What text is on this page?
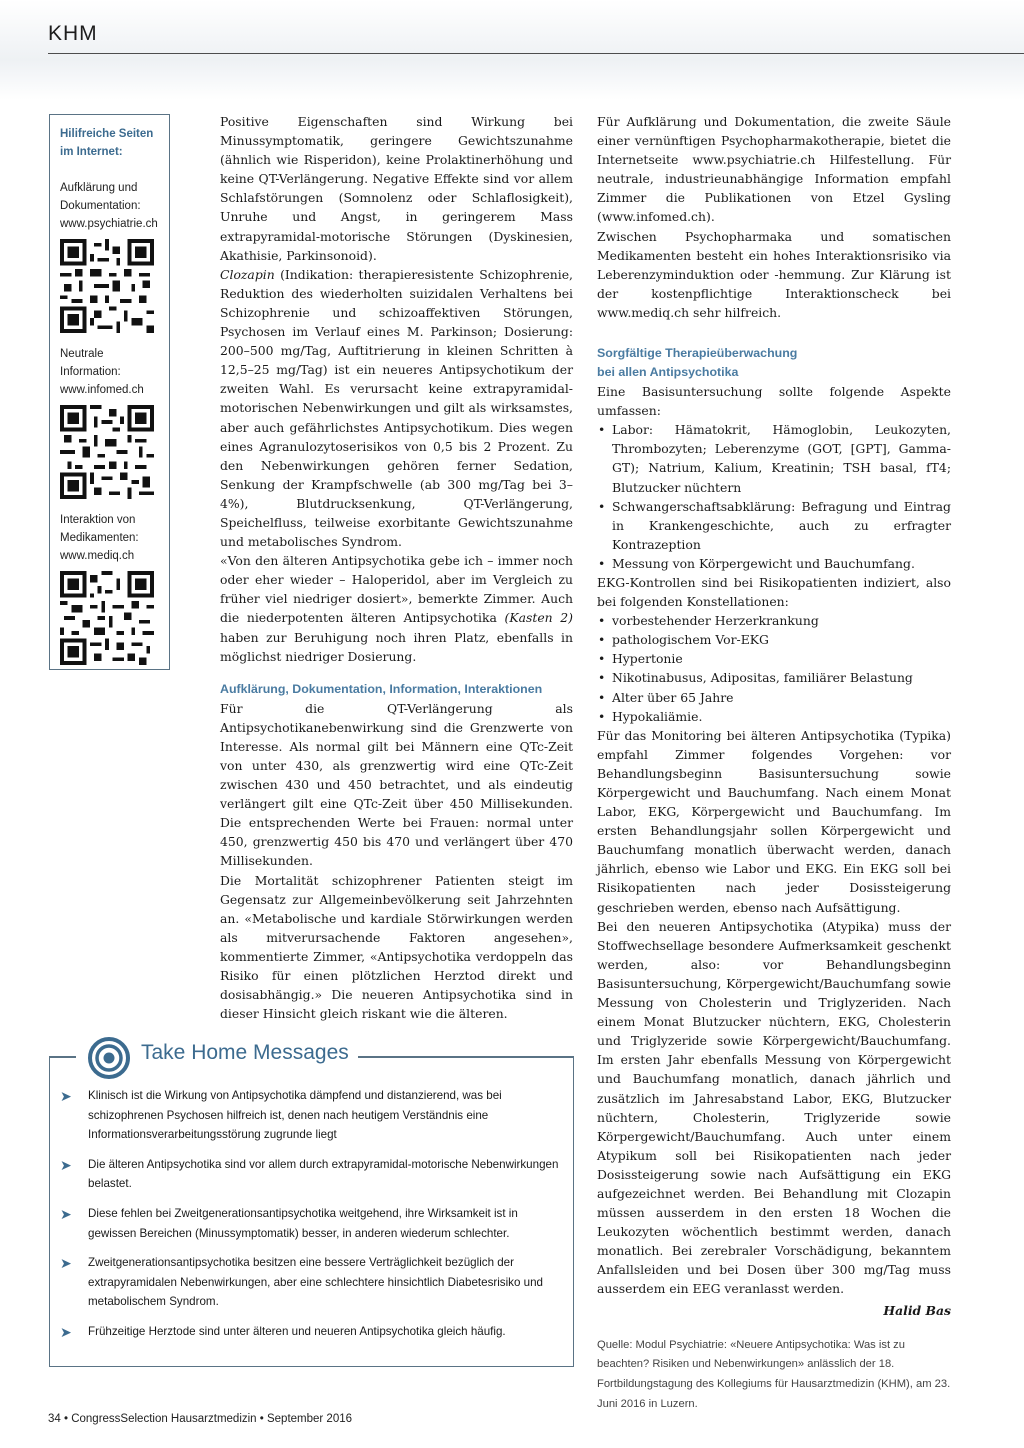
KHM
Hilifreiche Seiten im Internet:
Aufklärung und Dokumentation: www.psychiatrie.ch
Neutrale Information: www.infomed.ch
Interaktion von Medikamenten: www.mediq.ch

Positive Eigenschaften sind Wirkung bei Minussymptomatik, geringere Gewichtszunahme (ähnlich wie Risperidon), keine Prolaktinerhöhung und keine QT-Verlängerung. Negative Effekte sind vor allem Schlafstörungen (Somnolenz oder Schlaflosigkeit), Unruhe und Angst, in geringerem Mass extrapyramidal-motorische Störungen (Dyskinesien, Akathisie, Parkinsonoid).

Clozapin (Indikation: therapieresistente Schizophrenie, Reduktion des wiederholten suizidalen Verhaltens bei Schizophrenie und schizoaffektiven Störungen, Psychosen im Verlauf eines M. Parkinson; Dosierung: 200–500 mg/Tag, Auftitrierung in kleinen Schritten à 12,5–25 mg/Tag) ist ein neueres Antipsychotikum der zweiten Wahl. Es verursacht keine extrapyramidal-motorischen Nebenwirkungen und gilt als wirksamstes, aber auch gefährlichstes Antipsychotikum. Dies wegen eines Agranulozytoserisikos von 0,5 bis 2 Prozent. Zu den Nebenwirkungen gehören ferner Sedation, Senkung der Krampfschwelle (ab 300 mg/Tag bei 3–4%), Blutdrucksenkung, QT-Verlängerung, Speichelfluss, teilweise exorbitante Gewichtszunahme und metabolisches Syndrom.

«Von den älteren Antipsychotika gebe ich – immer noch oder eher wieder – Haloperidol, aber im Vergleich zu früher viel niedriger dosiert», bemerkte Zimmer. Auch die niederpotenten älteren Antipsychotika (Kasten 2) haben zur Beruhigung noch ihren Platz, ebenfalls in möglichst niedriger Dosierung.

Aufklärung, Dokumentation, Information, Interaktionen

Für die QT-Verlängerung als Antipsychotikanebenwirkung sind die Grenzwerte von Interesse. Als normal gilt bei Männern eine QTc-Zeit von unter 430, als grenzwertig wird eine QTc-Zeit zwischen 430 und 450 betrachtet, und als eindeutig verlängert gilt eine QTc-Zeit über 450 Millisekunden. Die entsprechenden Werte bei Frauen: normal unter 450, grenzwertig 450 bis 470 und verlängert über 470 Millisekunden.

Die Mortalität schizophrener Patienten steigt im Gegensatz zur Allgemeinbevölkerung seit Jahrzehnten an. «Metabolische und kardiale Störwirkungen werden als mitverursachende Faktoren angesehen», kommentierte Zimmer, «Antipsychotika verdoppeln das Risiko für einen plötzlichen Herztod direkt und dosisabhängig.» Die neueren Antipsychotika sind in dieser Hinsicht gleich riskant wie die älteren.

Für Aufklärung und Dokumentation, die zweite Säule einer vernünftigen Psychopharmakotherapie, bietet die Internetseite www.psychiatrie.ch Hilfestellung. Für neutrale, industrieunabhängige Information empfahl Zimmer die Publikationen von Etzel Gysling (www.infomed.ch).

Zwischen Psychopharmaka und somatischen Medikamenten besteht ein hohes Interaktionsrisiko via Leberenzyminduktion oder -hemmung. Zur Klärung ist der kostenpflichtige Interaktionscheck bei www.mediq.ch sehr hilfreich.

Sorgfältige Therapieüberwachung
bei allen Antipsychotika

Eine Basisuntersuchung sollte folgende Aspekte umfassen:

• Labor: Hämatokrit, Hämoglobin, Leukozyten, Thrombozyten; Leberenzyme (GOT, [GPT], Gamma-GT); Natrium, Kalium, Kreatinin; TSH basal, fT4; Blutzucker nüchtern
• Schwangerschaftsabklärung: Befragung und Eintrag in Krankengeschichte, auch zu erfragter Kontrazeption
• Messung von Körpergewicht und Bauchumfang.

EKG-Kontrollen sind bei Risikopatienten indiziert, also bei folgenden Konstellationen:

• vorbestehender Herzerkrankung
• pathologischem Vor-EKG
• Hypertonie
• Nikotinabusus, Adipositas, familiärer Belastung
• Alter über 65 Jahre
• Hypokaliämie.

Für das Monitoring bei älteren Antipsychotika (Typika) empfahl Zimmer folgendes Vorgehen: vor Behandlungsbeginn Basisuntersuchung sowie Körpergewicht und Bauchumfang. Nach einem Monat Labor, EKG, Körpergewicht und Bauchumfang. Im ersten Behandlungsjahr sollen Körpergewicht und Bauchumfang monatlich überwacht werden, danach jährlich, ebenso wie Labor und EKG. Ein EKG soll bei Risikopatienten nach jeder Dosissteigerung geschrieben werden, ebenso nach Aufsättigung.

Bei den neueren Antipsychotika (Atypika) muss der Stoffwechsellage besondere Aufmerksamkeit geschenkt werden, also: vor Behandlungsbeginn Basisuntersuchung, Körpergewicht/Bauchumfang sowie Messung von Cholesterin und Triglyzeriden. Nach einem Monat Blutzucker nüchtern, EKG, Cholesterin und Triglyzeride sowie Körpergewicht/Bauchumfang. Im ersten Jahr ebenfalls Messung von Körpergewicht und Bauchumfang monatlich, danach jährlich und zusätzlich im Jahresabstand Labor, EKG, Blutzucker nüchtern, Cholesterin, Triglyzeride sowie Körpergewicht/Bauchumfang. Auch unter einem Atypikum soll bei Risikopatienten nach jeder Dosissteigerung sowie nach Aufsättigung ein EKG aufgezeichnet werden. Bei Behandlung mit Clozapin müssen ausserdem in den ersten 18 Wochen die Leukozyten wöchentlich bestimmt werden, danach monatlich. Bei zerebraler Vorschädigung, bekanntem Anfallsleiden und bei Dosen über 300 mg/Tag muss ausserdem ein EEG veranlasst werden.

Halid Bas
Quelle: Modul Psychiatrie: «Neuere Antipsychotika: Was ist zu beachten? Risiken und Nebenwirkungen» anlässlich der 18. Fortbildungstagung des Kollegiums für Hausarztmedizin (KHM), am 23. Juni 2016 in Luzern.
Take Home Messages
➤ Klinisch ist die Wirkung von Antipsychotika dämpfend und distanzierend, was bei schizophrenen Psychosen hilfreich ist, denen nach heutigem Verständnis eine Informationsverarbeitungsstörung zugrunde liegt
➤ Die älteren Antipsychotika sind vor allem durch extrapyramidal-motorische Nebenwirkungen belastet.
➤ Diese fehlen bei Zweitgenerationsantipsychotika weitgehend, ihre Wirksamkeit ist in gewissen Bereichen (Minussymptomatik) besser, in anderen wiederum schlechter.
➤ Zweitgenerationsantipsychotika besitzen eine bessere Verträglichkeit bezüglich der extrapyramidalen Nebenwirkungen, aber eine schlechtere hinsichtlich Diabetesrisiko und metabolischem Syndrom.
➤ Frühzeitige Herztode sind unter älteren und neueren Antipsychotika gleich häufig.
34 • CongressSelection Hausarztmedizin • September 2016
